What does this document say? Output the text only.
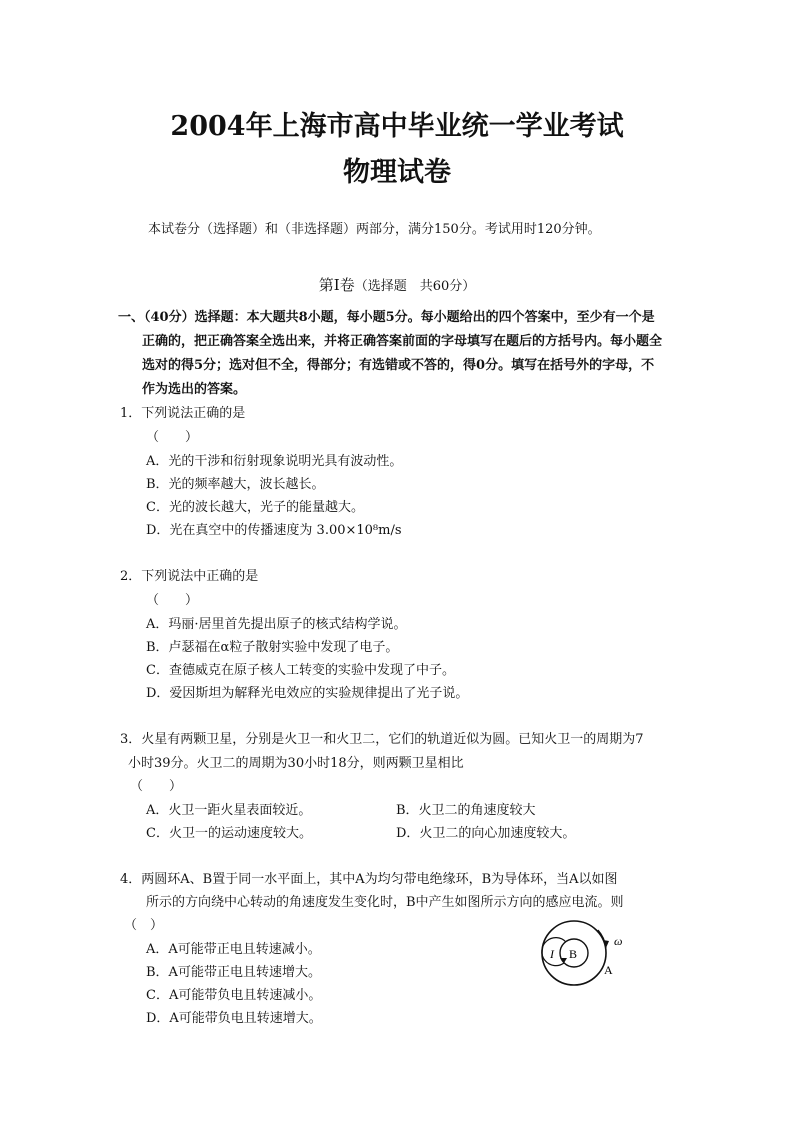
2004年上海市高中毕业统一学业考试
物理试卷
本试卷分（选择题）和（非选择题）两部分，满分150分。考试用时120分钟。
第Ⅰ卷（选择题　共60分）
一、（40分）选择题：本大题共8小题，每小题5分。每小题给出的四个答案中，至少有一个是
正确的，把正确答案全选出来，并将正确答案前面的字母填写在题后的方括号内。每小题全
选对的得5分；选对但不全，得部分；有选错或不答的，得0分。填写在括号外的字母，不
作为选出的答案。
1．下列说法正确的是
（　　）
A．光的干涉和衍射现象说明光具有波动性。
B．光的频率越大，波长越长。
C．光的波长越大，光子的能量越大。
D．光在真空中的传播速度为 3.00×10⁸m/s
2．下列说法中正确的是
（　　）
A．玛丽·居里首先提出原子的核式结构学说。
B．卢瑟福在α粒子散射实验中发现了电子。
C．查德威克在原子核人工转变的实验中发现了中子。
D．爱因斯坦为解释光电效应的实验规律提出了光子说。
3．火星有两颗卫星，分别是火卫一和火卫二，它们的轨道近似为圆。已知火卫一的周期为7
小时39分。火卫二的周期为30小时18分，则两颗卫星相比
（　　）
A．火卫一距火星表面较近。	B．火卫二的角速度较大
C．火卫一的运动速度较大。	D．火卫二的向心加速度较大。
4．两圆环A、B置于同一水平面上，其中A为均匀带电绝缘环，B为导体环，当A以如图
所示的方向绕中心转动的角速度发生变化时，B中产生如图所示方向的感应电流。则
（　）
A．A可能带正电且转速减小。
B．A可能带正电且转速增大。
C．A可能带负电且转速减小。
D．A可能带负电且转速增大。
I B
A
ω
